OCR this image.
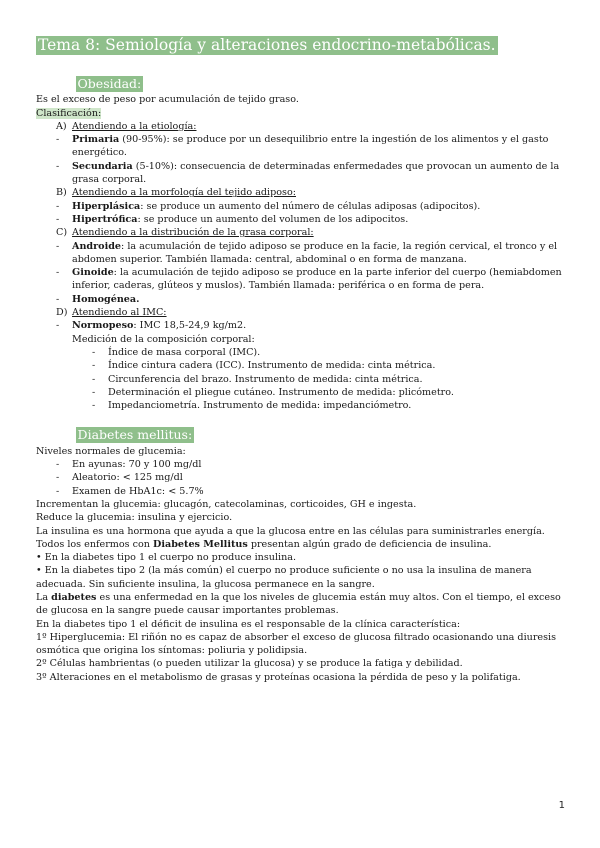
Tema 8: Semiología y alteraciones endocrino-metabólicas.
1. Obesidad:

Es el exceso de peso por acumulación de tejido graso.

Clasificación:

A) Atendiendo a la etiología:
-	Primaria (90-95%): se produce por un desequilibrio entre la ingestión de los alimentos y el gasto energético.
-	Secundaria (5-10%): consecuencia de determinadas enfermedades que provocan un aumento de la grasa corporal.
B) Atendiendo a la morfología del tejido adiposo:
-	Hiperplásica: se produce un aumento del número de células adiposas (adipocitos).
-	Hipertrófica: se produce un aumento del volumen de los adipocitos.
C) Atendiendo a la distribución de la grasa corporal:
-	Androide: la acumulación de tejido adiposo se produce en la facie, la región cervical, el tronco y el abdomen superior. También llamada: central, abdominal o en forma de manzana.
-	Ginoide: la acumulación de tejido adiposo se produce en la parte inferior del cuerpo (hemiabdomen inferior, caderas, glúteos y muslos). También llamada: periférica o en forma de pera.
-	Homogénea.
D) Atendiendo al IMC:
-	Normopeso: IMC 18,5-24,9 kg/m2.

Medición de la composición corporal:

-	Índice de masa corporal (IMC).
-	Índice cintura cadera (ICC). Instrumento de medida: cinta métrica.
-	Circunferencia del brazo. Instrumento de medida: cinta métrica.
-	Determinación el pliegue cutáneo. Instrumento de medida: plicómetro.
-	Impedanciometría. Instrumento de medida: impedanciómetro.
2. Diabetes mellitus:

Niveles normales de glucemia:

-	En ayunas: 70 y 100 mg/dl
-	Aleatorio: < 125 mg/dl
-	Examen de HbA1c: < 5.7%

Incrementan la glucemia: glucagón, catecolaminas, corticoides, GH e ingesta.

Reduce la glucemia: insulina y ejercicio.

La insulina es una hormona que ayuda a que la glucosa entre en las células para suministrarles energía.

Todos los enfermos con Diabetes Mellitus presentan algún grado de deficiencia de insulina.

• En la diabetes tipo 1 el cuerpo no produce insulina.

• En la diabetes tipo 2 (la más común) el cuerpo no produce suficiente o no usa la insulina de manera adecuada. Sin suficiente insulina, la glucosa permanece en la sangre.

La diabetes es una enfermedad en la que los niveles de glucemia están muy altos. Con el tiempo, el exceso de glucosa en la sangre puede causar importantes problemas.

En la diabetes tipo 1 el déficit de insulina es el responsable de la clínica característica:

1º Hiperglucemia: El riñón no es capaz de absorber el exceso de glucosa filtrado ocasionando una diuresis osmótica que origina los síntomas: poliuria y polidipsia.

2º Células hambrientas (o pueden utilizar la glucosa) y se produce la fatiga y debilidad.

3º Alteraciones en el metabolismo de grasas y proteínas ocasiona la pérdida de peso y la polifatiga.

1
